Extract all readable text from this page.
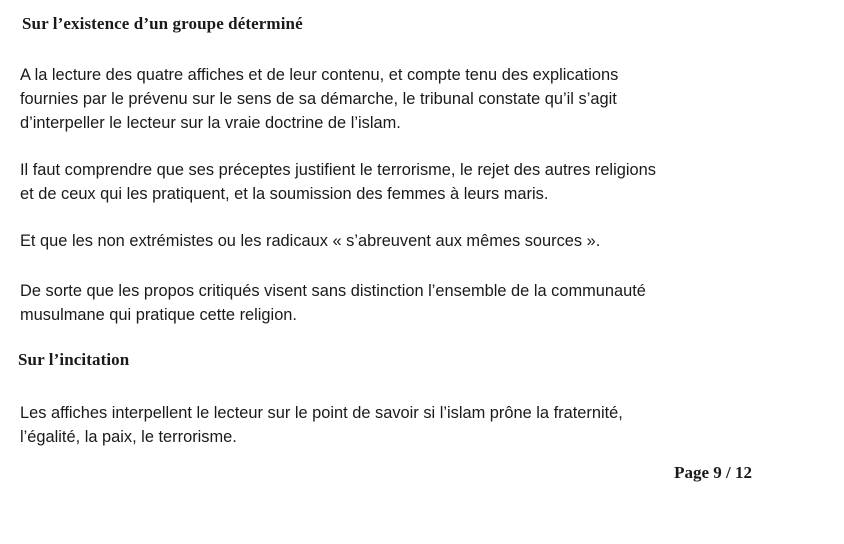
Sur l’existence d’un groupe déterminé
A la lecture des quatre affiches et de leur contenu, et compte tenu des explications
fournies par le prévenu sur le sens de sa démarche, le tribunal constate qu’il s’agit
d’interpeller le lecteur sur la vraie doctrine de l’islam.
Il faut comprendre que ses préceptes justifient le terrorisme, le rejet des autres religions
et de ceux qui les pratiquent, et la soumission des femmes à leurs maris.
Et que les non extrémistes ou les radicaux « s’abreuvent aux mêmes sources ».
De sorte que les propos critiqués visent sans distinction l’ensemble de la communauté
musulmane qui pratique cette religion.
Sur l’incitation
Les affiches interpellent le lecteur sur le point de savoir si l’islam prône la fraternité,
l’égalité, la paix, le terrorisme.
Page 9 / 12
